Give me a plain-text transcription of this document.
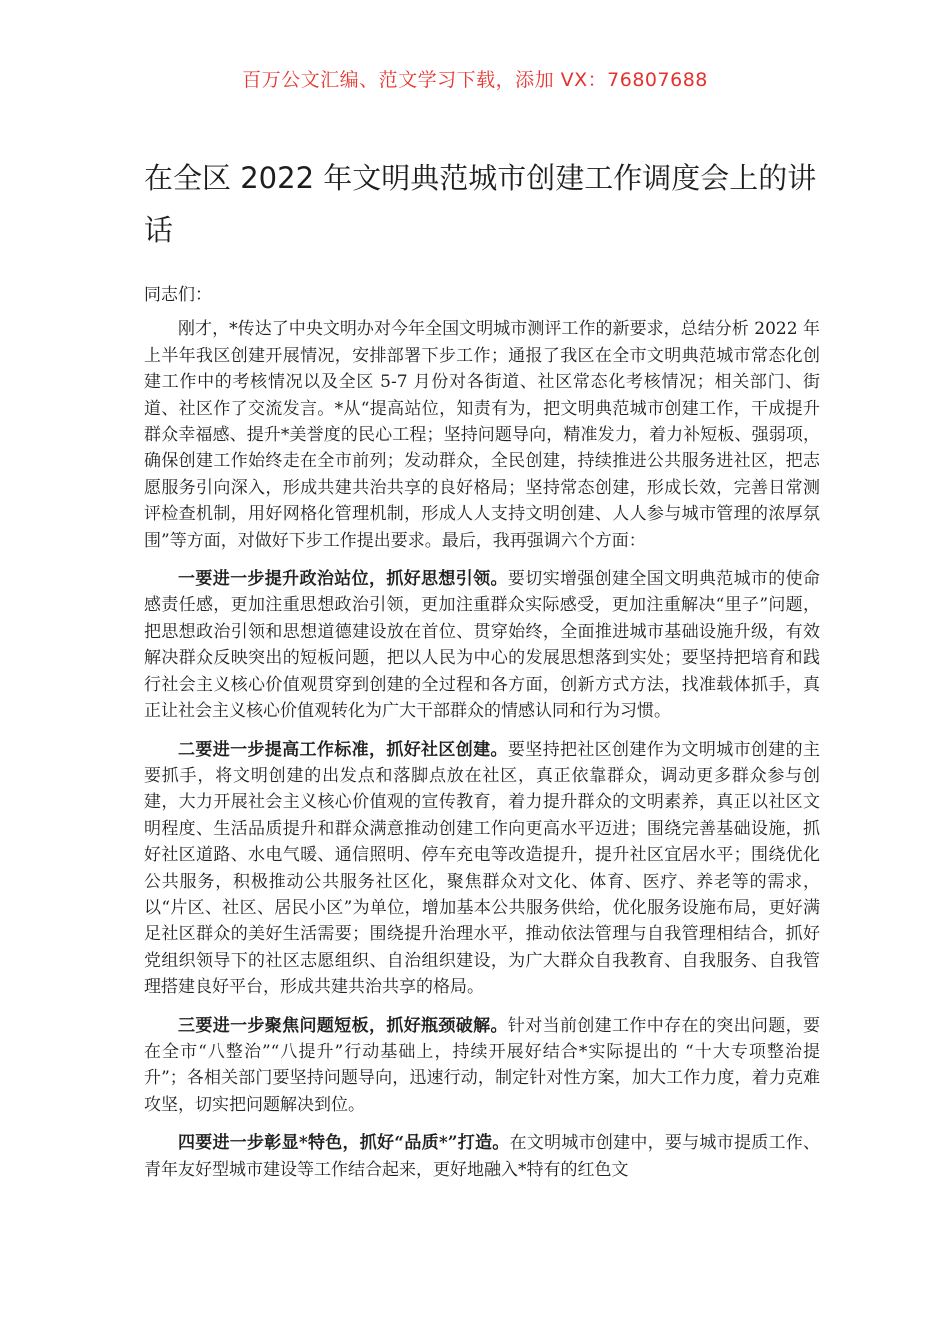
百万公文汇编、范文学习下载，添加 VX：76807688
在全区 2022 年文明典范城市创建工作调度会上的讲话

同志们：

刚才，*传达了中央文明办对今年全国文明城市测评工作的新要求，总结分析 2022 年上半年我区创建开展情况，安排部署下步工作；通报了我区在全市文明典范城市常态化创建工作中的考核情况以及全区 5-7 月份对各街道、社区常态化考核情况；相关部门、街道、社区作了交流发言。*从“提高站位，知责有为，把文明典范城市创建工作，干成提升群众幸福感、提升*美誉度的民心工程；坚持问题导向，精准发力，着力补短板、强弱项，确保创建工作始终走在全市前列；发动群众，全民创建，持续推进公共服务进社区，把志愿服务引向深入，形成共建共治共享的良好格局；坚持常态创建，形成长效，完善日常测评检查机制，用好网格化管理机制，形成人人支持文明创建、人人参与城市管理的浓厚氛围”等方面，对做好下步工作提出要求。最后，我再强调六个方面：

一要进一步提升政治站位，抓好思想引领。要切实增强创建全国文明典范城市的使命感责任感，更加注重思想政治引领，更加注重群众实际感受，更加注重解决“里子”问题，把思想政治引领和思想道德建设放在首位、贯穿始终，全面推进城市基础设施升级，有效解决群众反映突出的短板问题，把以人民为中心的发展思想落到实处；要坚持把培育和践行社会主义核心价值观贯穿到创建的全过程和各方面，创新方式方法，找准载体抓手，真正让社会主义核心价值观转化为广大干部群众的情感认同和行为习惯。

二要进一步提高工作标准，抓好社区创建。要坚持把社区创建作为文明城市创建的主要抓手，将文明创建的出发点和落脚点放在社区，真正依靠群众，调动更多群众参与创建，大力开展社会主义核心价值观的宣传教育，着力提升群众的文明素养，真正以社区文明程度、生活品质提升和群众满意推动创建工作向更高水平迈进；围绕完善基础设施，抓好社区道路、水电气暖、通信照明、停车充电等改造提升，提升社区宜居水平；围绕优化公共服务，积极推动公共服务社区化，聚焦群众对文化、体育、医疗、养老等的需求，以“片区、社区、居民小区”为单位，增加基本公共服务供给，优化服务设施布局，更好满足社区群众的美好生活需要；围绕提升治理水平，推动依法管理与自我管理相结合，抓好党组织领导下的社区志愿组织、自治组织建设，为广大群众自我教育、自我服务、自我管理搭建良好平台，形成共建共治共享的格局。

三要进一步聚焦问题短板，抓好瓶颈破解。针对当前创建工作中存在的突出问题，要在全市“八整治”“八提升”行动基础上，持续开展好结合*实际提出的 “十大专项整治提升”；各相关部门要坚持问题导向，迅速行动，制定针对性方案，加大工作力度，着力克难攻坚，切实把问题解决到位。

四要进一步彰显*特色，抓好“品质*”打造。在文明城市创建中，要与城市提质工作、青年友好型城市建设等工作结合起来，更好地融入*特有的红色文
